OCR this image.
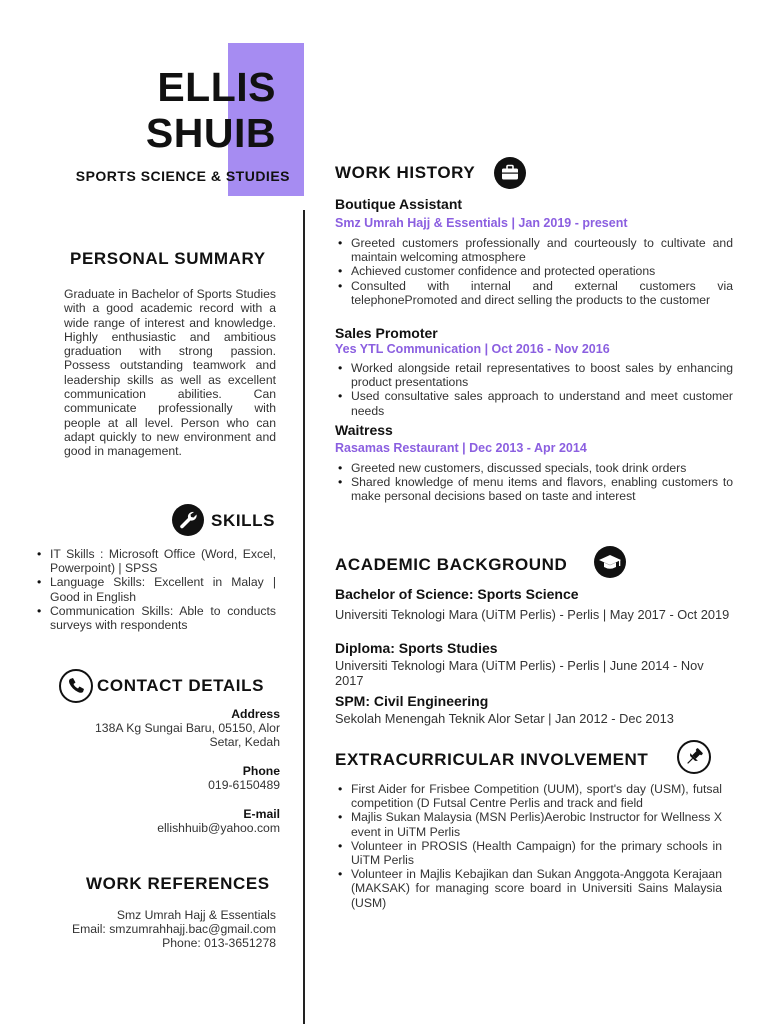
ELLIS
SHUIB
SPORTS SCIENCE & STUDIES
PERSONAL SUMMARY
Graduate in Bachelor of Sports Studies with a good academic record with a wide range of interest and knowledge. Highly enthusiastic and ambitious graduation with strong passion. Possess outstanding teamwork and leadership skills as well as excellent communication abilities. Can communicate professionally with people at all level. Person who can adapt quickly to new environment and good in management.
SKILLS
• IT Skills : Microsoft Office (Word, Excel, Powerpoint) | SPSS
• Language Skills: Excellent in Malay | Good in English
• Communication Skills: Able to conducts surveys with respondents
CONTACT DETAILS
Address
138A Kg Sungai Baru, 05150, Alor Setar, Kedah
Phone
019-6150489
E-mail
ellishhuib@yahoo.com
WORK REFERENCES
Smz Umrah Hajj & Essentials
Email: smzumrahhajj.bac@gmail.com
Phone: 013-3651278
WORK HISTORY
Boutique Assistant
Smz Umrah Hajj & Essentials | Jan 2019 - present
• Greeted customers professionally and courteously to cultivate and maintain welcoming atmosphere
• Achieved customer confidence and protected operations
• Consulted with internal and external customers via telephonePromoted and direct selling the products to the customer
Sales Promoter
Yes YTL Communication | Oct 2016 - Nov 2016
• Worked alongside retail representatives to boost sales by enhancing product presentations
• Used consultative sales approach to understand and meet customer needs
Waitress
Rasamas Restaurant | Dec 2013 - Apr 2014
• Greeted new customers, discussed specials, took drink orders
• Shared knowledge of menu items and flavors, enabling customers to make personal decisions based on taste and interest
ACADEMIC BACKGROUND
Bachelor of Science: Sports Science
Universiti Teknologi Mara (UiTM Perlis) - Perlis | May 2017 - Oct 2019
Diploma: Sports Studies
Universiti Teknologi Mara (UiTM Perlis) - Perlis | June 2014 - Nov 2017
SPM: Civil Engineering
Sekolah Menengah Teknik Alor Setar | Jan 2012 - Dec 2013
EXTRACURRICULAR INVOLVEMENT
• First Aider for Frisbee Competition (UUM), sport's day (USM), futsal competition (D Futsal Centre Perlis and track and field
• Majlis Sukan Malaysia (MSN Perlis)Aerobic Instructor for Wellness X event in UiTM Perlis
• Volunteer in PROSIS (Health Campaign) for the primary schools in UiTM Perlis
• Volunteer in Majlis Kebajikan dan Sukan Anggota-Anggota Kerajaan (MAKSAK) for managing score board in Universiti Sains Malaysia (USM)
